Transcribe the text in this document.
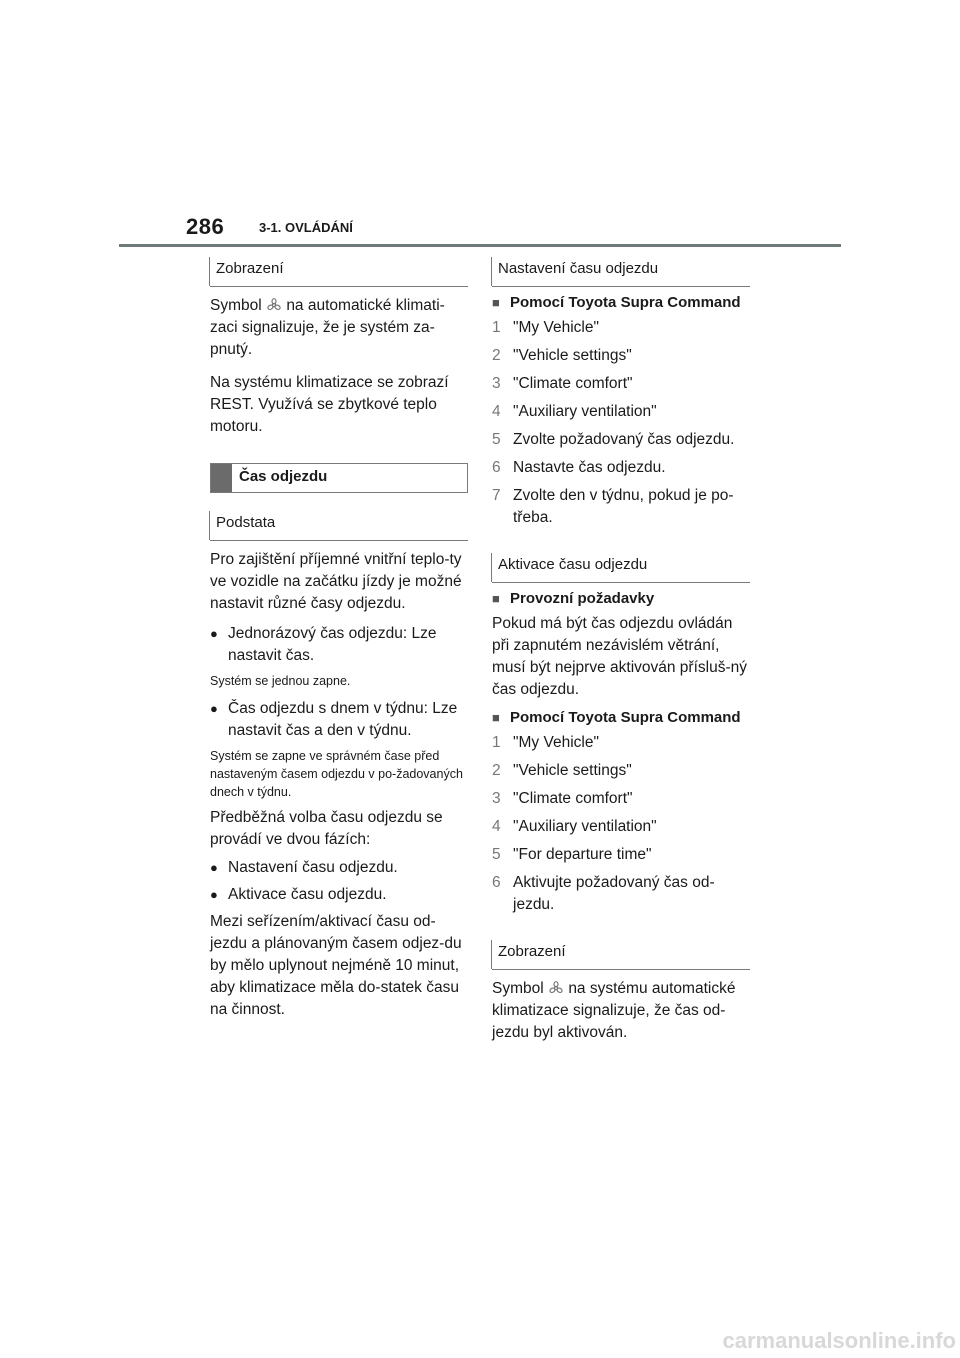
286	3-1. OVLÁDÁNÍ
Zobrazení

Symbol na automatické klimati-zaci signalizuje, že je systém za-pnutý.

Na systému klimatizace se zobrazí REST. Využívá se zbytkové teplo motoru.

Čas odjezdu
Podstata

Pro zajištění příjemné vnitřní teplo-ty ve vozidle na začátku jízdy je možné nastavit různé časy odjezdu.

● Jednorázový čas odjezdu: Lze nastavit čas.

Systém se jednou zapne.

● Čas odjezdu s dnem v týdnu: Lze nastavit čas a den v týdnu.

Systém se zapne ve správném čase před nastaveným časem odjezdu v po-žadovaných dnech v týdnu.

Předběžná volba času odjezdu se provádí ve dvou fázích:

● Nastavení času odjezdu.
● Aktivace času odjezdu.

Mezi seřízením/aktivací času od-jezdu a plánovaným časem odjez-du by mělo uplynout nejméně 10 minut, aby klimatizace měla do-statek času na činnost.

Nastavení času odjezdu
■ Pomocí Toyota Supra Command
1 "My Vehicle"
2 "Vehicle settings"
3 "Climate comfort"
4 "Auxiliary ventilation"
5 Zvolte požadovaný čas odjezdu.
6 Nastavte čas odjezdu.
7 Zvolte den v týdnu, pokud je po-třeba.
Aktivace času odjezdu
■ Provozní požadavky

Pokud má být čas odjezdu ovládán při zapnutém nezávislém větrání, musí být nejprve aktivován přísluš-ný čas odjezdu.

■ Pomocí Toyota Supra Command
1 "My Vehicle"
2 "Vehicle settings"
3 "Climate comfort"
4 "Auxiliary ventilation"
5 "For departure time"
6 Aktivujte požadovaný čas od-jezdu.
Zobrazení

Symbol na systému automatické klimatizace signalizuje, že čas od-jezdu byl aktivován.

carmanualsonline.info
